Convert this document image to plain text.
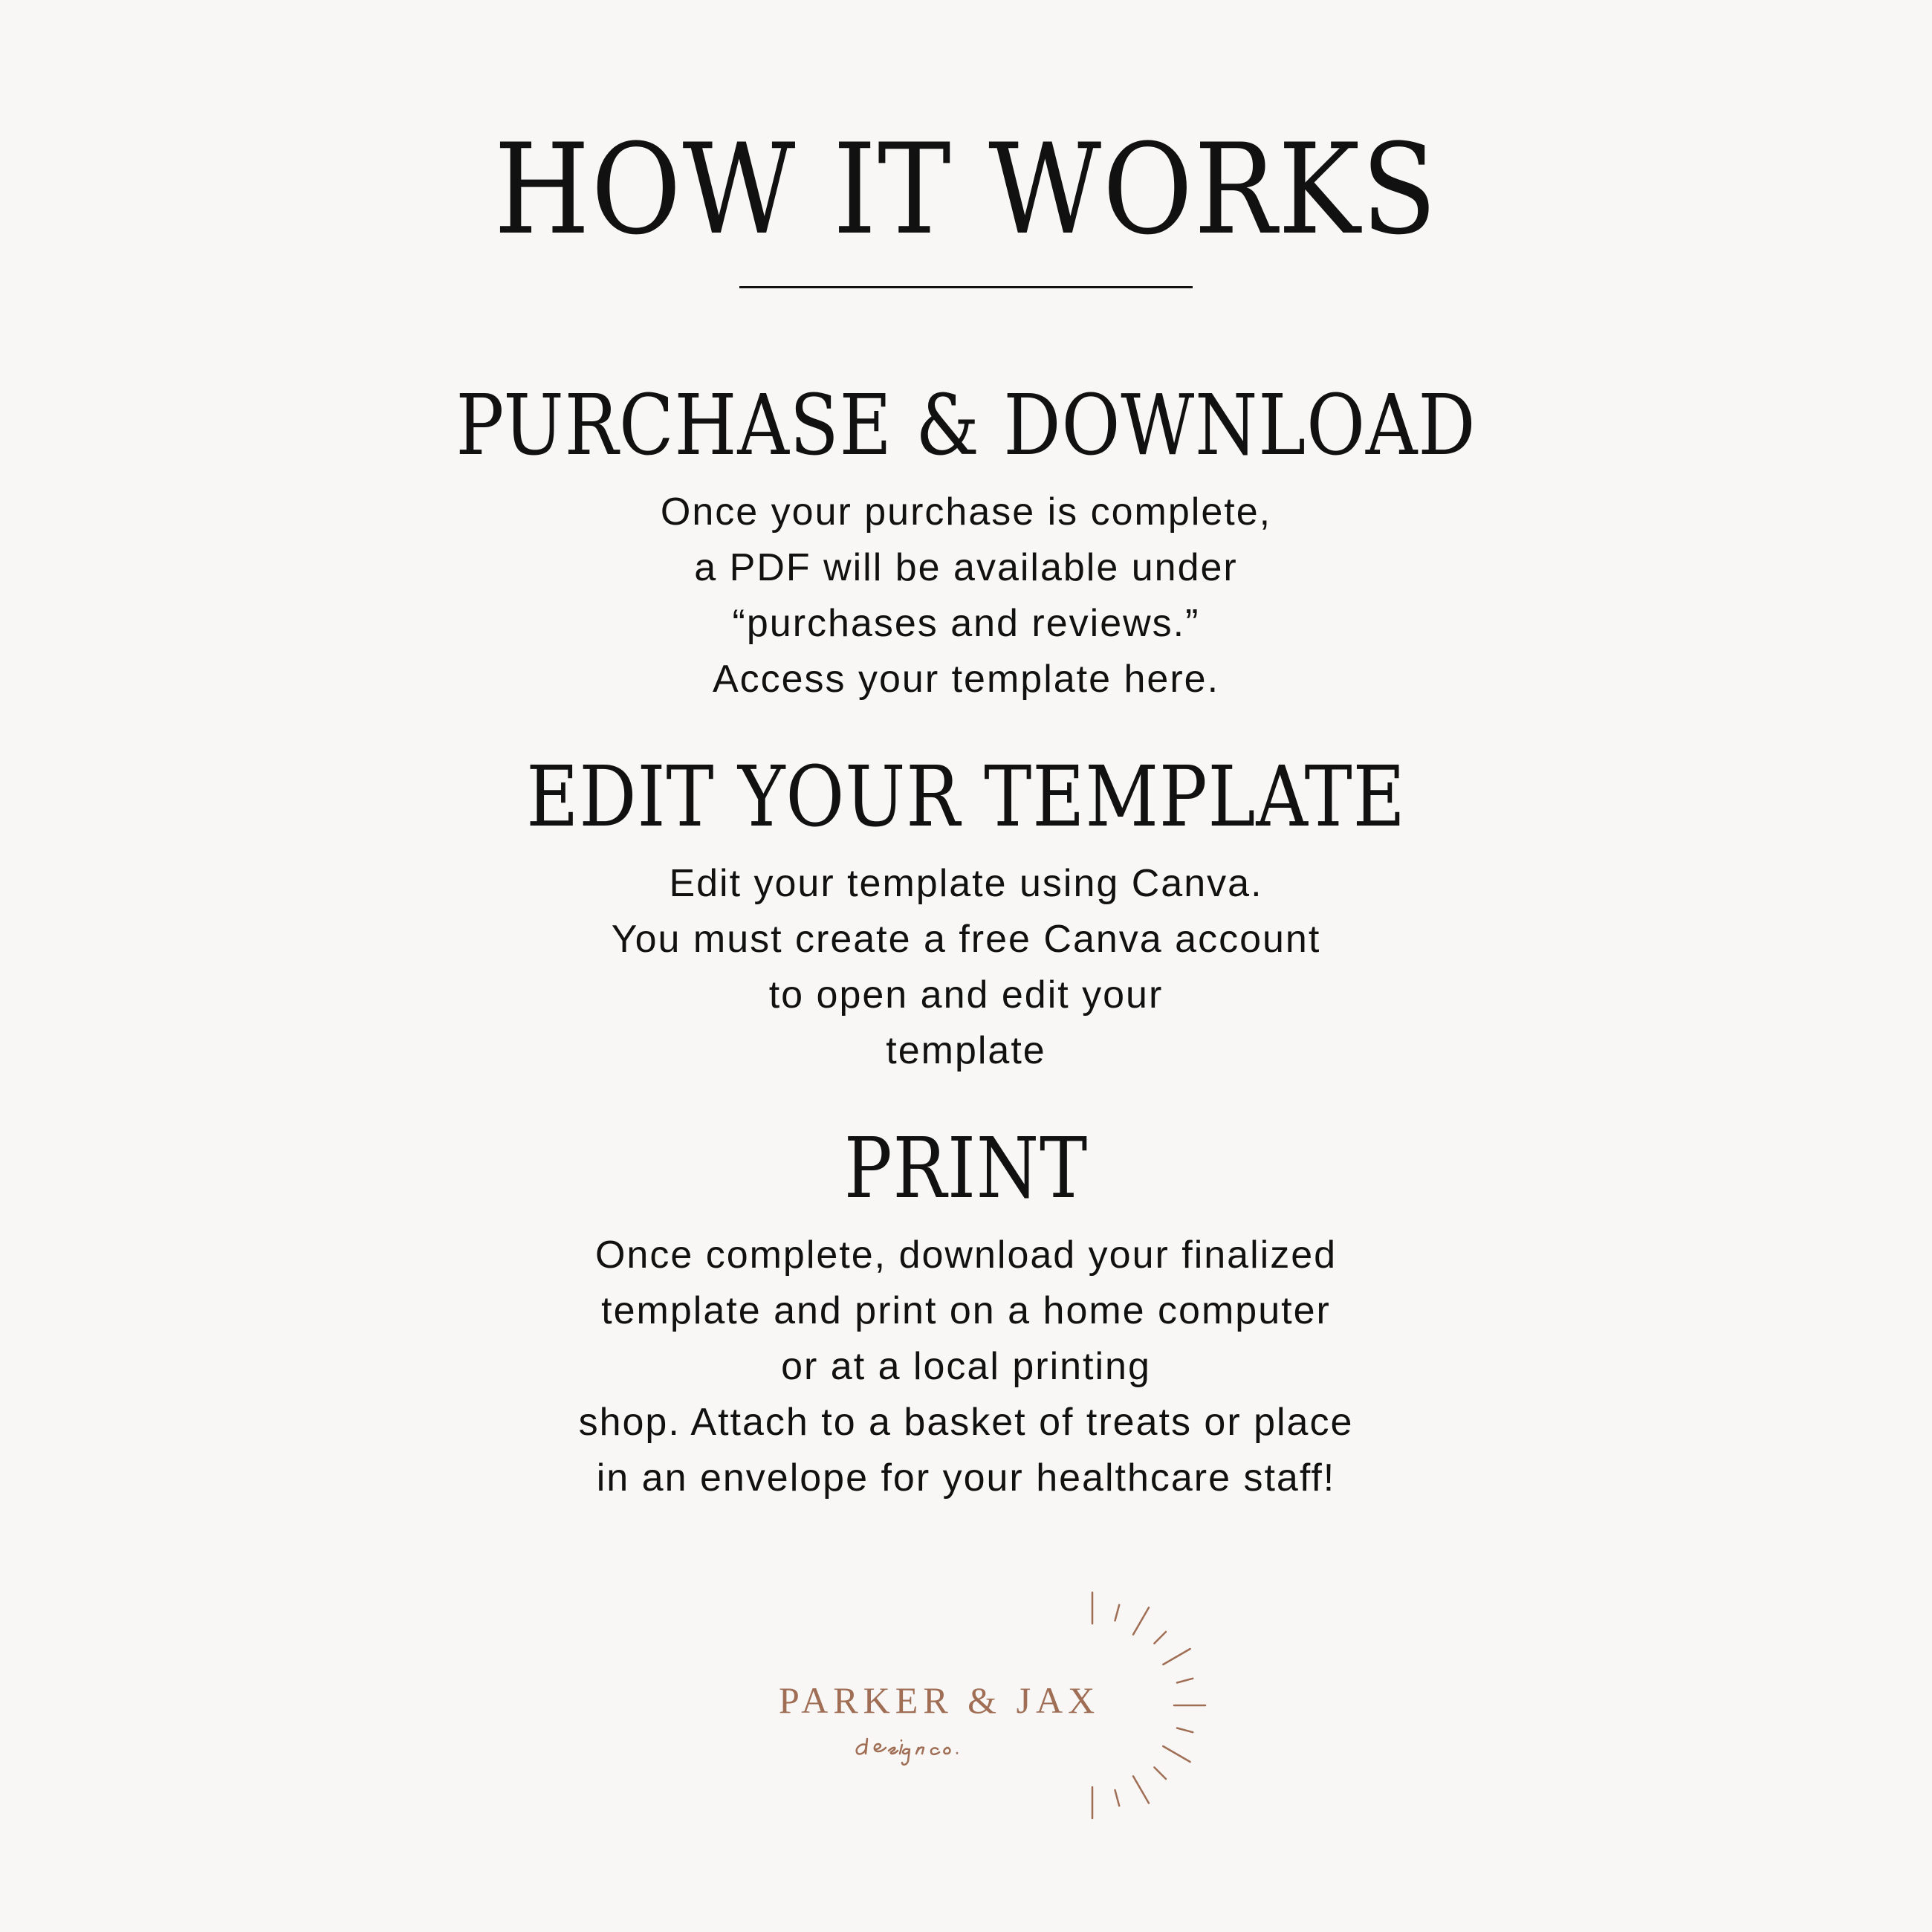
HOW IT WORKS
PURCHASE & DOWNLOAD
Once your purchase is complete,
a PDF will be available under
“purchases and reviews.”
Access your template here.
EDIT YOUR TEMPLATE
Edit your template using Canva.
You must create a free Canva account
to open and edit your
template
PRINT
Once complete, download your finalized
template and print on a home computer
or at a local printing
shop. Attach to a basket of treats or place
in an envelope for your healthcare staff!
PARKER & JAX
